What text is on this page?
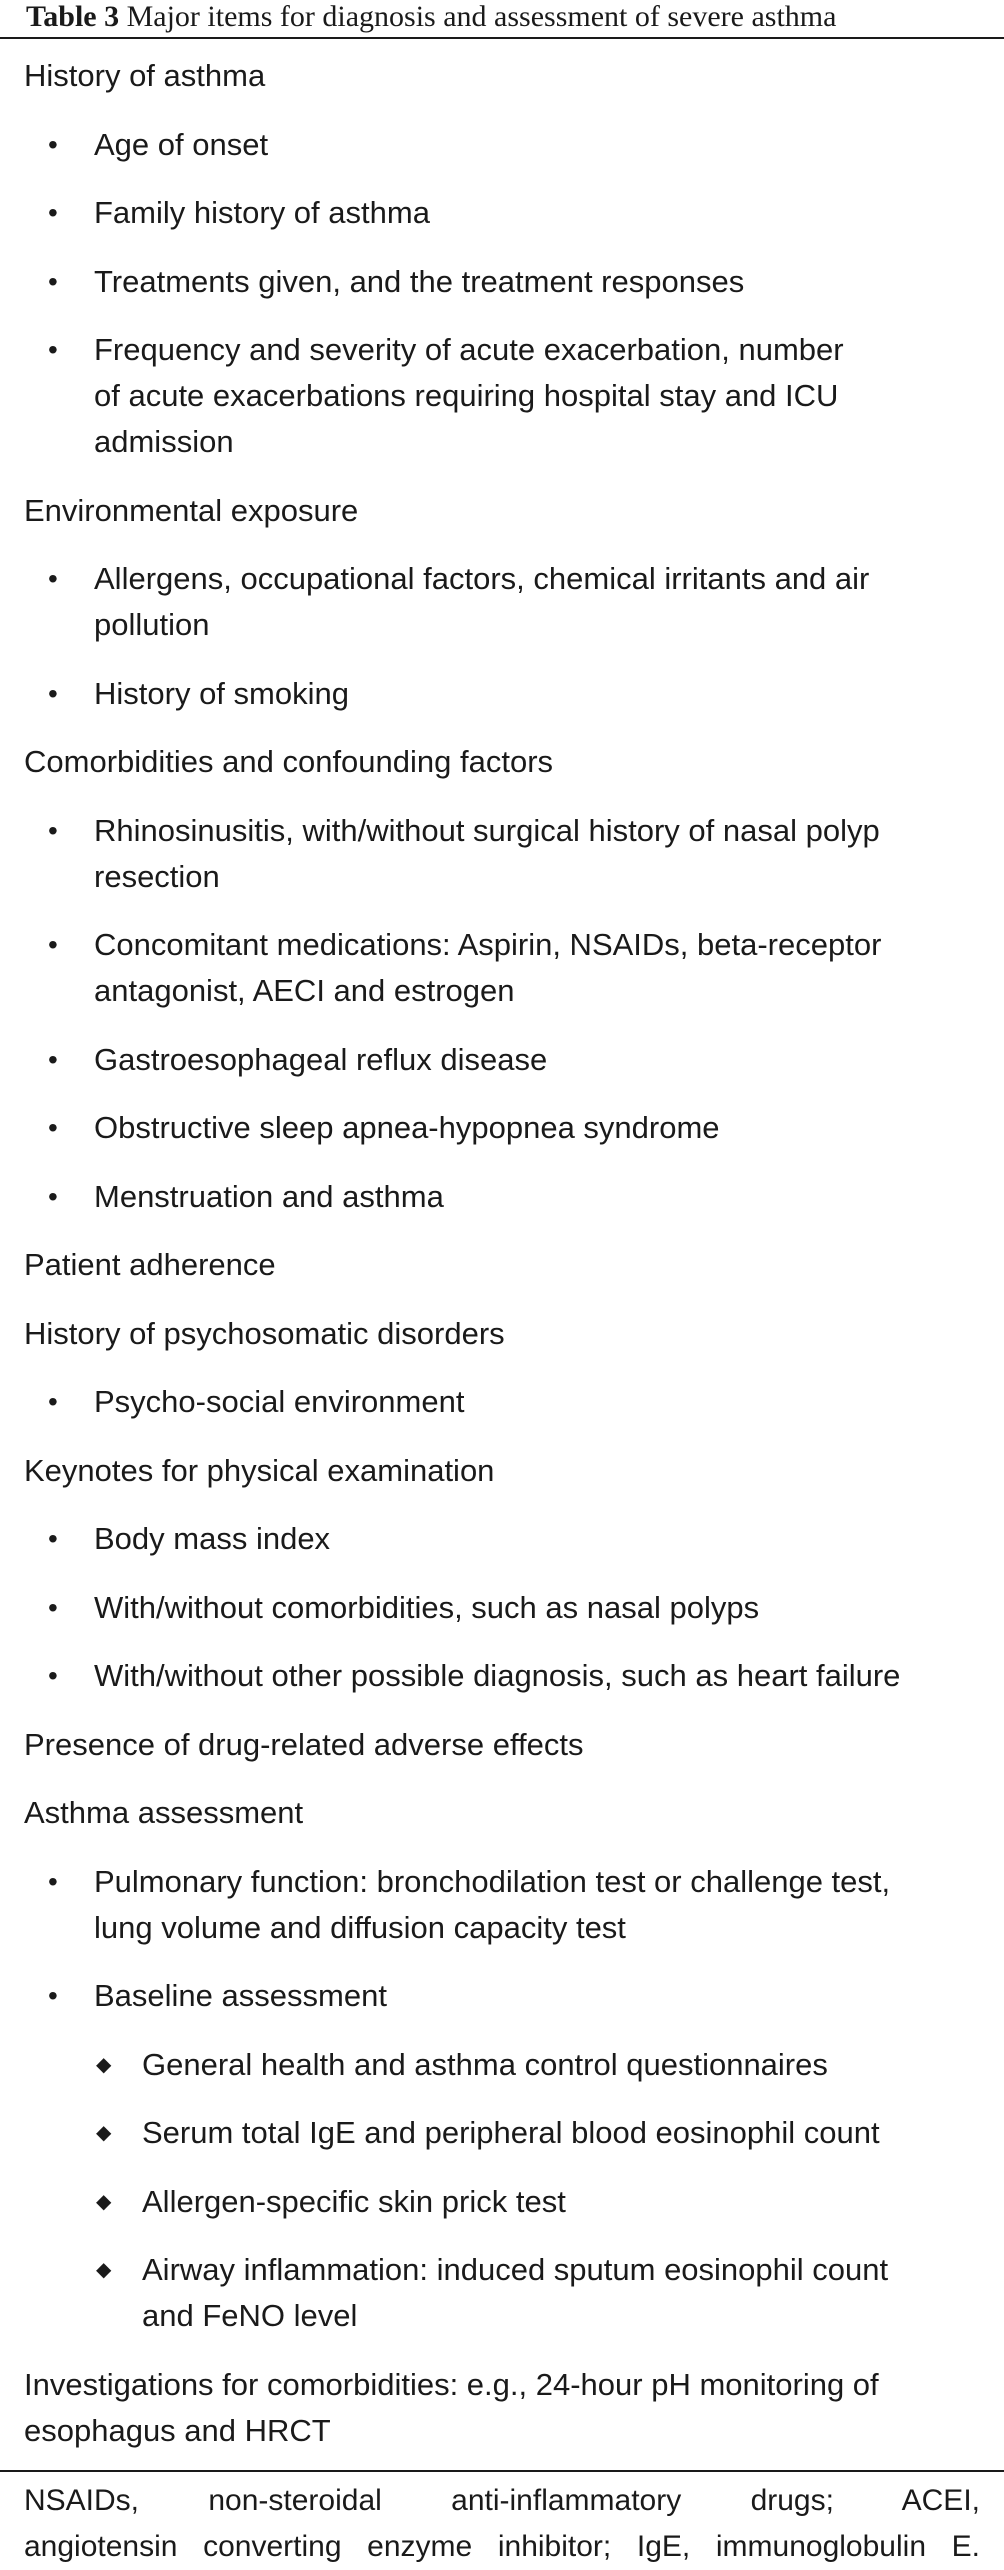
Table 3 Major items for diagnosis and assessment of severe asthma
History of asthma
• Age of onset
• Family history of asthma
• Treatments given, and the treatment responses
• Frequency and severity of acute exacerbation, number
of acute exacerbations requiring hospital stay and ICU
admission
Environmental exposure
• Allergens, occupational factors, chemical irritants and air
pollution
• History of smoking
Comorbidities and confounding factors
• Rhinosinusitis, with/without surgical history of nasal polyp
resection
• Concomitant medications: Aspirin, NSAIDs, beta-receptor
antagonist, AECI and estrogen
• Gastroesophageal reflux disease
• Obstructive sleep apnea-hypopnea syndrome
• Menstruation and asthma
Patient adherence
History of psychosomatic disorders
• Psycho-social environment
Keynotes for physical examination
• Body mass index
• With/without comorbidities, such as nasal polyps
• With/without other possible diagnosis, such as heart failure
Presence of drug-related adverse effects
Asthma assessment
• Pulmonary function: bronchodilation test or challenge test,
lung volume and diffusion capacity test
• Baseline assessment
◆ General health and asthma control questionnaires
◆ Serum total IgE and peripheral blood eosinophil count
◆ Allergen-specific skin prick test
◆ Airway inflammation: induced sputum eosinophil count
and FeNO level
Investigations for comorbidities: e.g., 24-hour pH monitoring of
esophagus and HRCT
NSAIDs, non-steroidal anti-inflammatory drugs; ACEI,
angiotensin converting enzyme inhibitor; IgE, immunoglobulin E.
